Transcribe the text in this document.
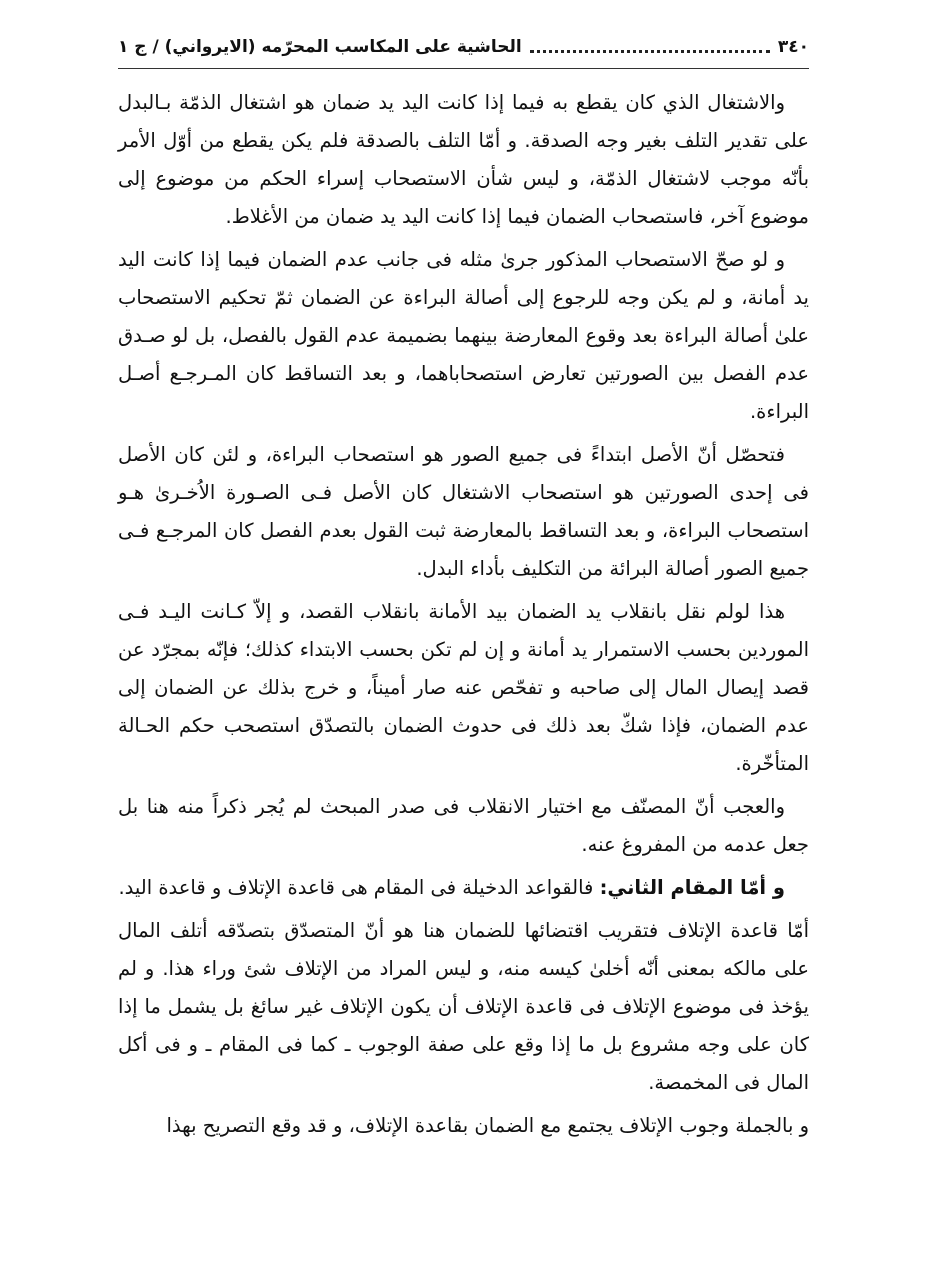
٣٤٠
الحاشية على المكاسب المحرّمه (الايرواني) / ج ١

والاشتغال الذي كان يقطع به فيما إذا كانت اليد يد ضمان هو اشتغال الذمّة بـالبدل على تقدير التلف بغير وجه الصدقة. و أمّا التلف بالصدقة فلم يكن يقطع من أوّل الأمر بأنّه موجب لاشتغال الذمّة، و ليس شأن الاستصحاب إسراء الحكم من موضوع إلى موضوع آخر، فاستصحاب الضمان فيما إذا كانت اليد يد ضمان من الأغلاط.

و لو صحّ الاستصحاب المذكور جرىٰ مثله فى جانب عدم الضمان فيما إذا كانت اليد يد أمانة، و لم يكن وجه للرجوع إلى أصالة البراءة عن الضمان ثمّ تحكيم الاستصحاب علىٰ أصالة البراءة بعد وقوع المعارضة بينهما بضميمة عدم القول بالفصل، بل لو صـدق عدم الفصل بين الصورتين تعارض استصحاباهما، و بعد التساقط كان المـرجـع أصـل البراءة.

فتحصّل أنّ الأصل ابتداءً فى جميع الصور هو استصحاب البراءة، و لئن كان الأصل فى إحدى الصورتين هو استصحاب الاشتغال كان الأصل فـى الصـورة الاُخـرىٰ هـو استصحاب البراءة، و بعد التساقط بالمعارضة ثبت القول بعدم الفصل كان المرجـع فـى جميع الصور أصالة البرائة من التكليف بأداء البدل.

هذا لولم نقل بانقلاب يد الضمان بيد الأمانة بانقلاب القصد، و إلاّ كـانت اليـد فـى الموردين بحسب الاستمرار يد أمانة و إن لم تكن بحسب الابتداء كذلك؛ فإنّه بمجرّد عن قصد إيصال المال إلى صاحبه و تفحّص عنه صار أميناً، و خرج بذلك عن الضمان إلى عدم الضمان، فإذا شكّ بعد ذلك فى حدوث الضمان بالتصدّق استصحب حكم الحـالة المتأخّرة.

والعجب أنّ المصنّف مع اختيار الانقلاب فى صدر المبحث لم يُجر ذكراً منه هنا بل جعل عدمه من المفروغ عنه.

و أمّا المقام الثاني: فالقواعد الدخيلة فى المقام هى قاعدة الإتلاف و قاعدة اليد.

أمّا قاعدة الإتلاف فتقريب اقتضائها للضمان هنا هو أنّ المتصدّق بتصدّقه أتلف المال على مالكه بمعنى أنّه أخلىٰ كيسه منه، و ليس المراد من الإتلاف شئ وراء هذا. و لم يؤخذ فى موضوع الإتلاف فى قاعدة الإتلاف أن يكون الإتلاف غير سائغ بل يشمل ما إذا كان على وجه مشروع بل ما إذا وقع على صفة الوجوب ـ كما فى المقام ـ و فى أكل المال فى المخمصة.

و بالجملة وجوب الإتلاف يجتمع مع الضمان بقاعدة الإتلاف، و قد وقع التصريح بهذا
